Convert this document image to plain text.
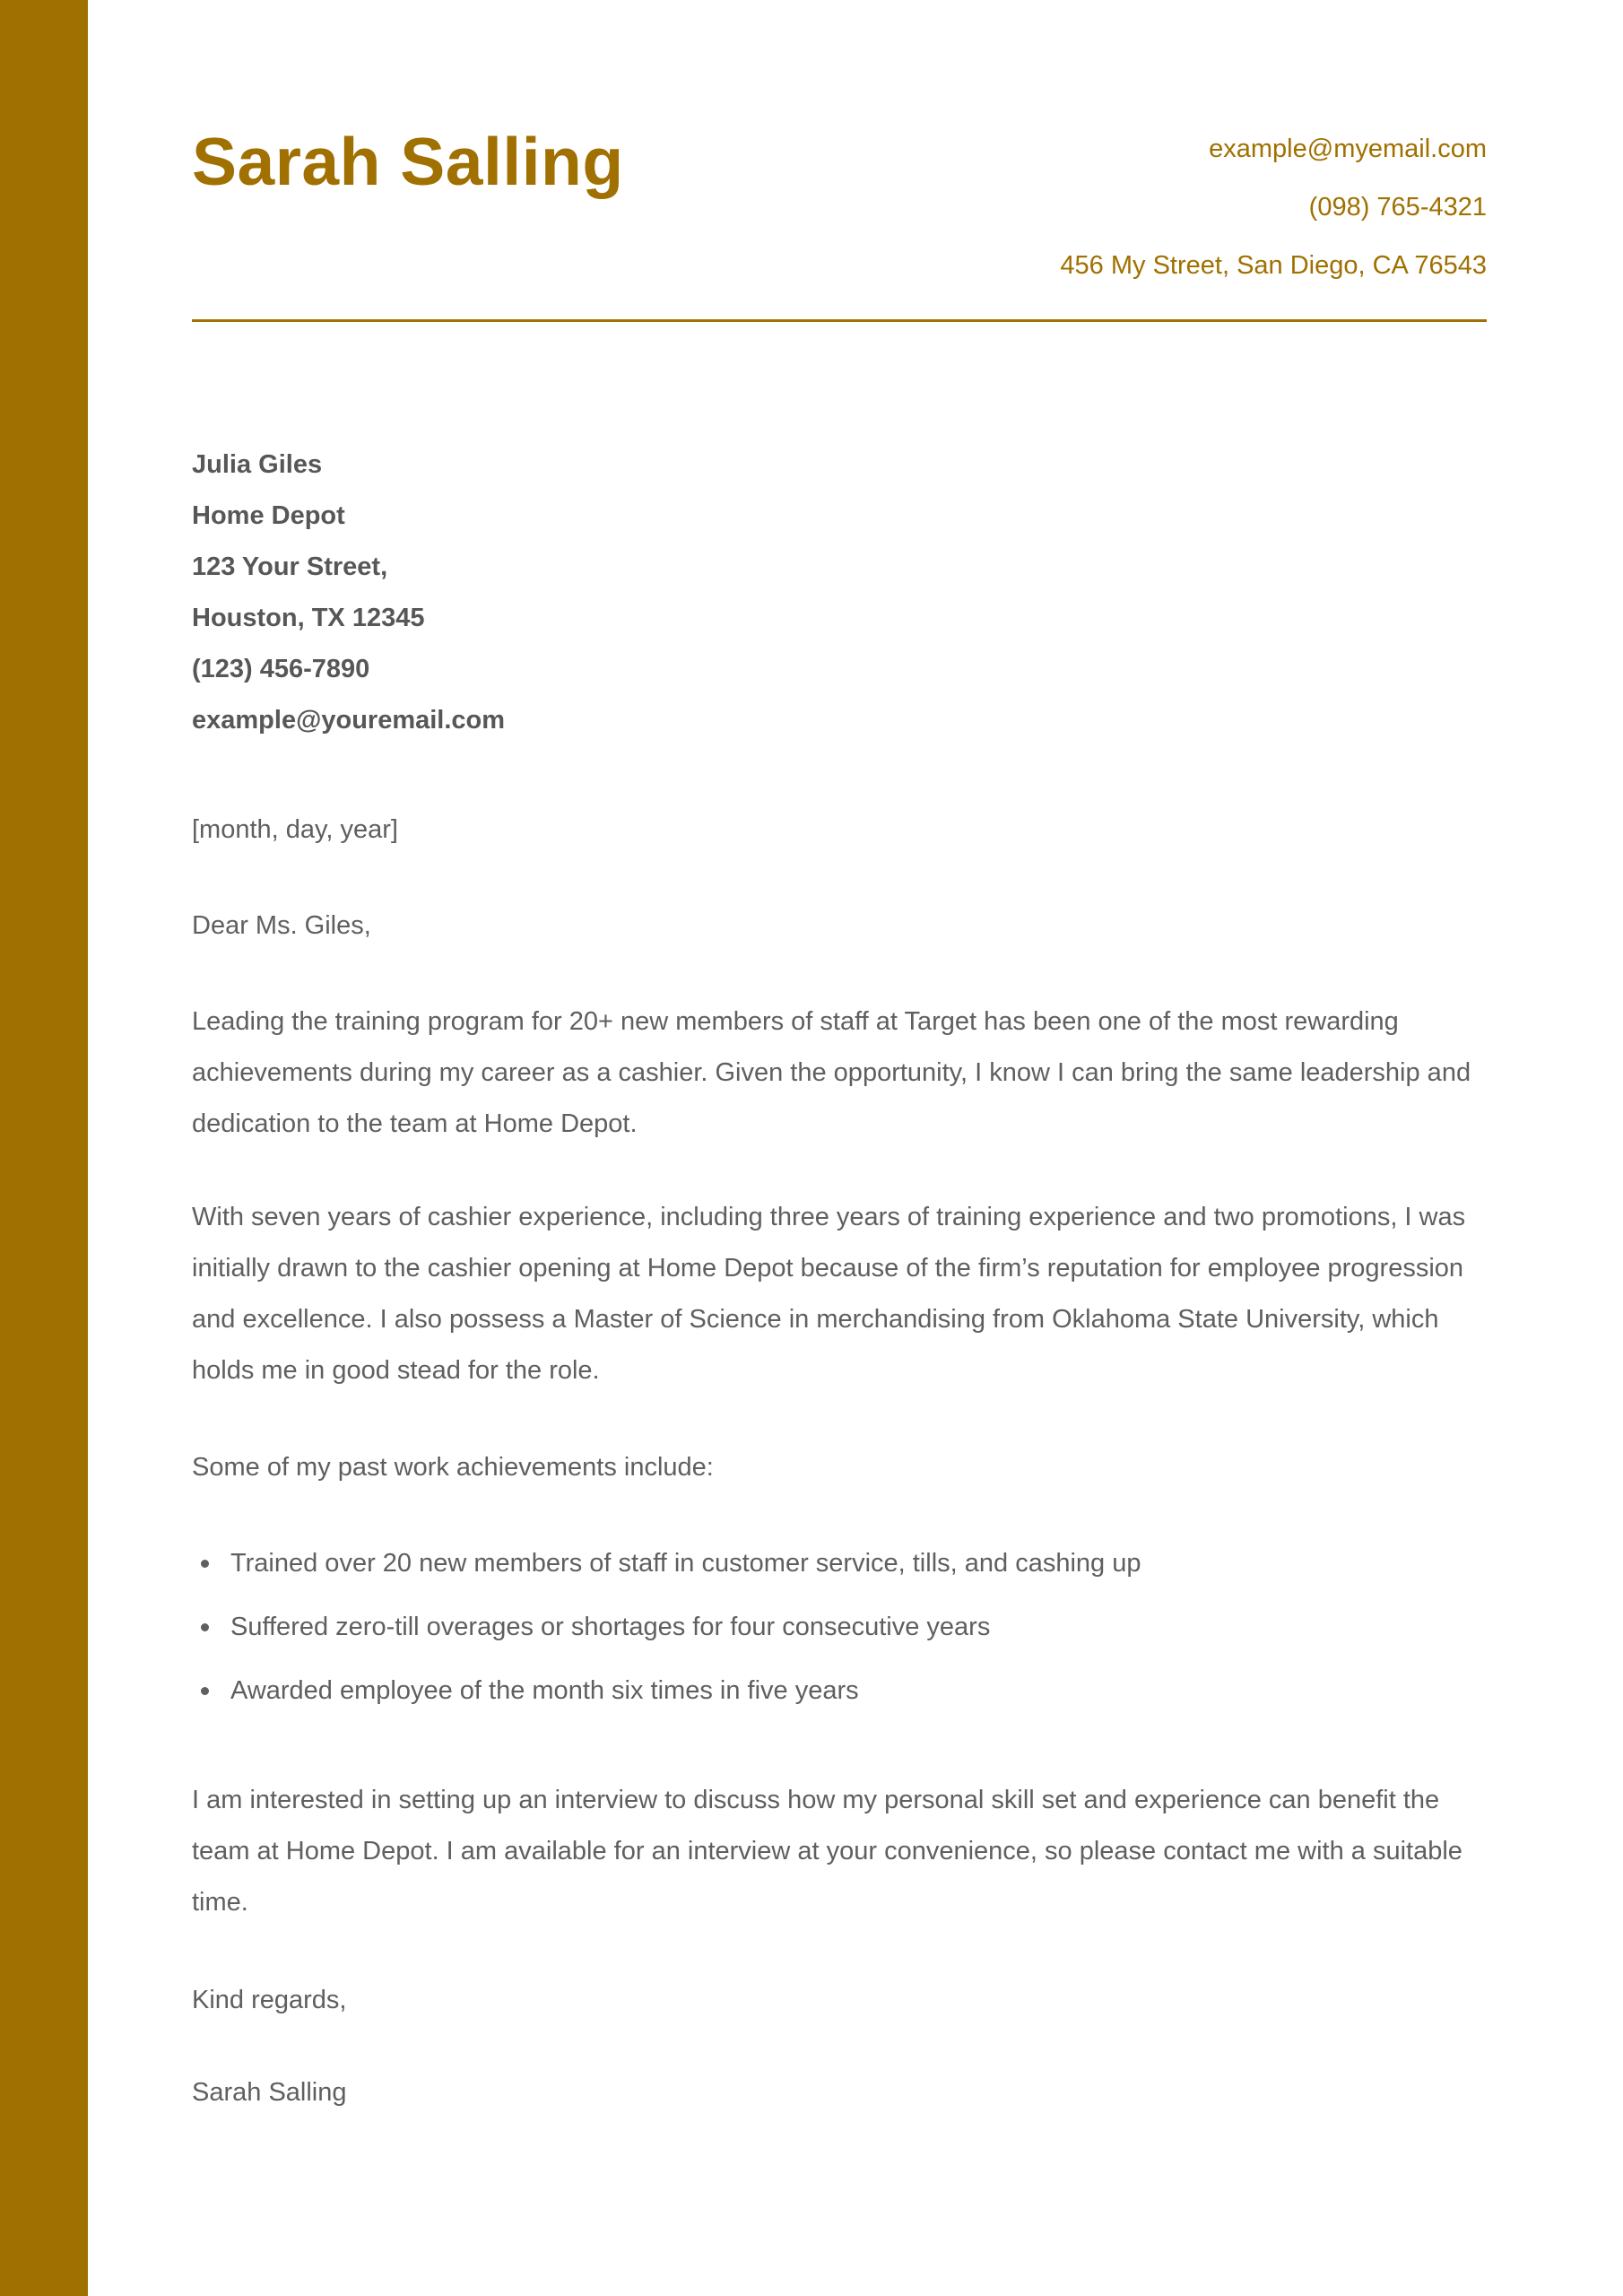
Sarah Salling	example@myemail.com
(098) 765-4321
456 My Street, San Diego, CA 76543
Julia Giles
Home Depot
123 Your Street,
Houston, TX 12345
(123) 456-7890
example@youremail.com

[month, day, year]

Dear Ms. Giles,

Leading the training program for 20+ new members of staff at Target has been one of the most rewarding achievements during my career as a cashier. Given the opportunity, I know I can bring the same leadership and dedication to the team at Home Depot.

With seven years of cashier experience, including three years of training experience and two promotions, I was initially drawn to the cashier opening at Home Depot because of the firm’s reputation for employee progression and excellence. I also possess a Master of Science in merchandising from Oklahoma State University, which holds me in good stead for the role.

Some of my past work achievements include:

Trained over 20 new members of staff in customer service, tills, and cashing up
Suffered zero-till overages or shortages for four consecutive years
Awarded employee of the month six times in five years

I am interested in setting up an interview to discuss how my personal skill set and experience can benefit the team at Home Depot. I am available for an interview at your convenience, so please contact me with a suitable time.

Kind regards,

Sarah Salling
